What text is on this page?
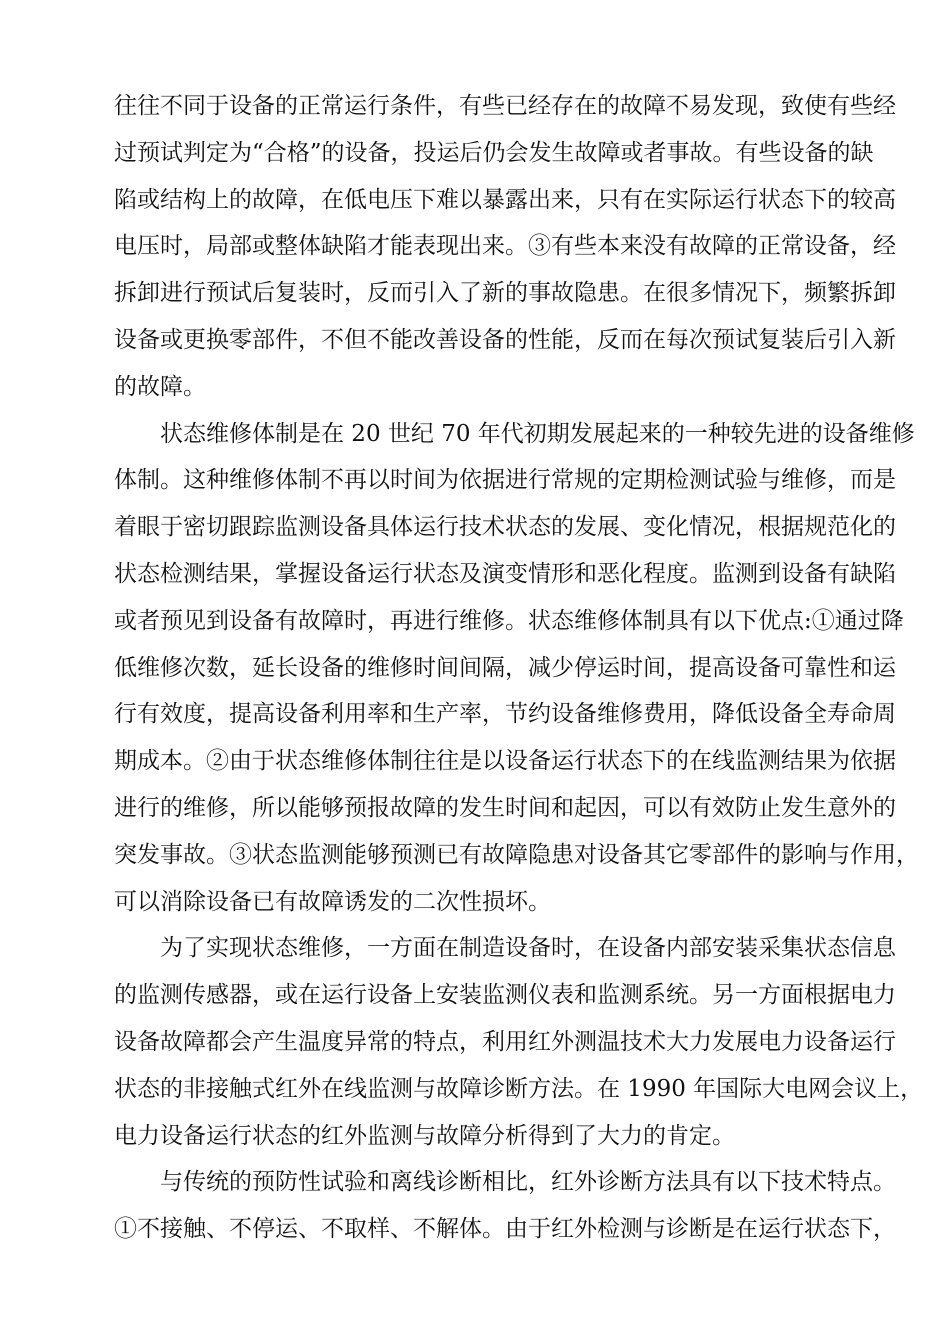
往往不同于设备的正常运行条件，有些已经存在的故障不易发现，致使有些经
过预试判定为“合格”的设备，投运后仍会发生故障或者事故。有些设备的缺
陷或结构上的故障，在低电压下难以暴露出来，只有在实际运行状态下的较高
电压时，局部或整体缺陷才能表现出来。③有些本来没有故障的正常设备，经
拆卸进行预试后复装时，反而引入了新的事故隐患。在很多情况下，频繁拆卸
设备或更换零部件，不但不能改善设备的性能，反而在每次预试复装后引入新
的故障。
状态维修体制是在 20 世纪 70 年代初期发展起来的一种较先进的设备维修
体制。这种维修体制不再以时间为依据进行常规的定期检测试验与维修，而是
着眼于密切跟踪监测设备具体运行技术状态的发展、变化情况，根据规范化的
状态检测结果，掌握设备运行状态及演变情形和恶化程度。监测到设备有缺陷
或者预见到设备有故障时，再进行维修。状态维修体制具有以下优点:①通过降
低维修次数，延长设备的维修时间间隔，减少停运时间，提高设备可靠性和运
行有效度，提高设备利用率和生产率，节约设备维修费用，降低设备全寿命周
期成本。②由于状态维修体制往往是以设备运行状态下的在线监测结果为依据
进行的维修，所以能够预报故障的发生时间和起因，可以有效防止发生意外的
突发事故。③状态监测能够预测已有故障隐患对设备其它零部件的影响与作用，
可以消除设备已有故障诱发的二次性损坏。
为了实现状态维修，一方面在制造设备时，在设备内部安装采集状态信息
的监测传感器，或在运行设备上安装监测仪表和监测系统。另一方面根据电力
设备故障都会产生温度异常的特点，利用红外测温技术大力发展电力设备运行
状态的非接触式红外在线监测与故障诊断方法。在 1990 年国际大电网会议上，
电力设备运行状态的红外监测与故障分析得到了大力的肯定。
与传统的预防性试验和离线诊断相比，红外诊断方法具有以下技术特点。
①不接触、不停运、不取样、不解体。由于红外检测与诊断是在运行状态下，
